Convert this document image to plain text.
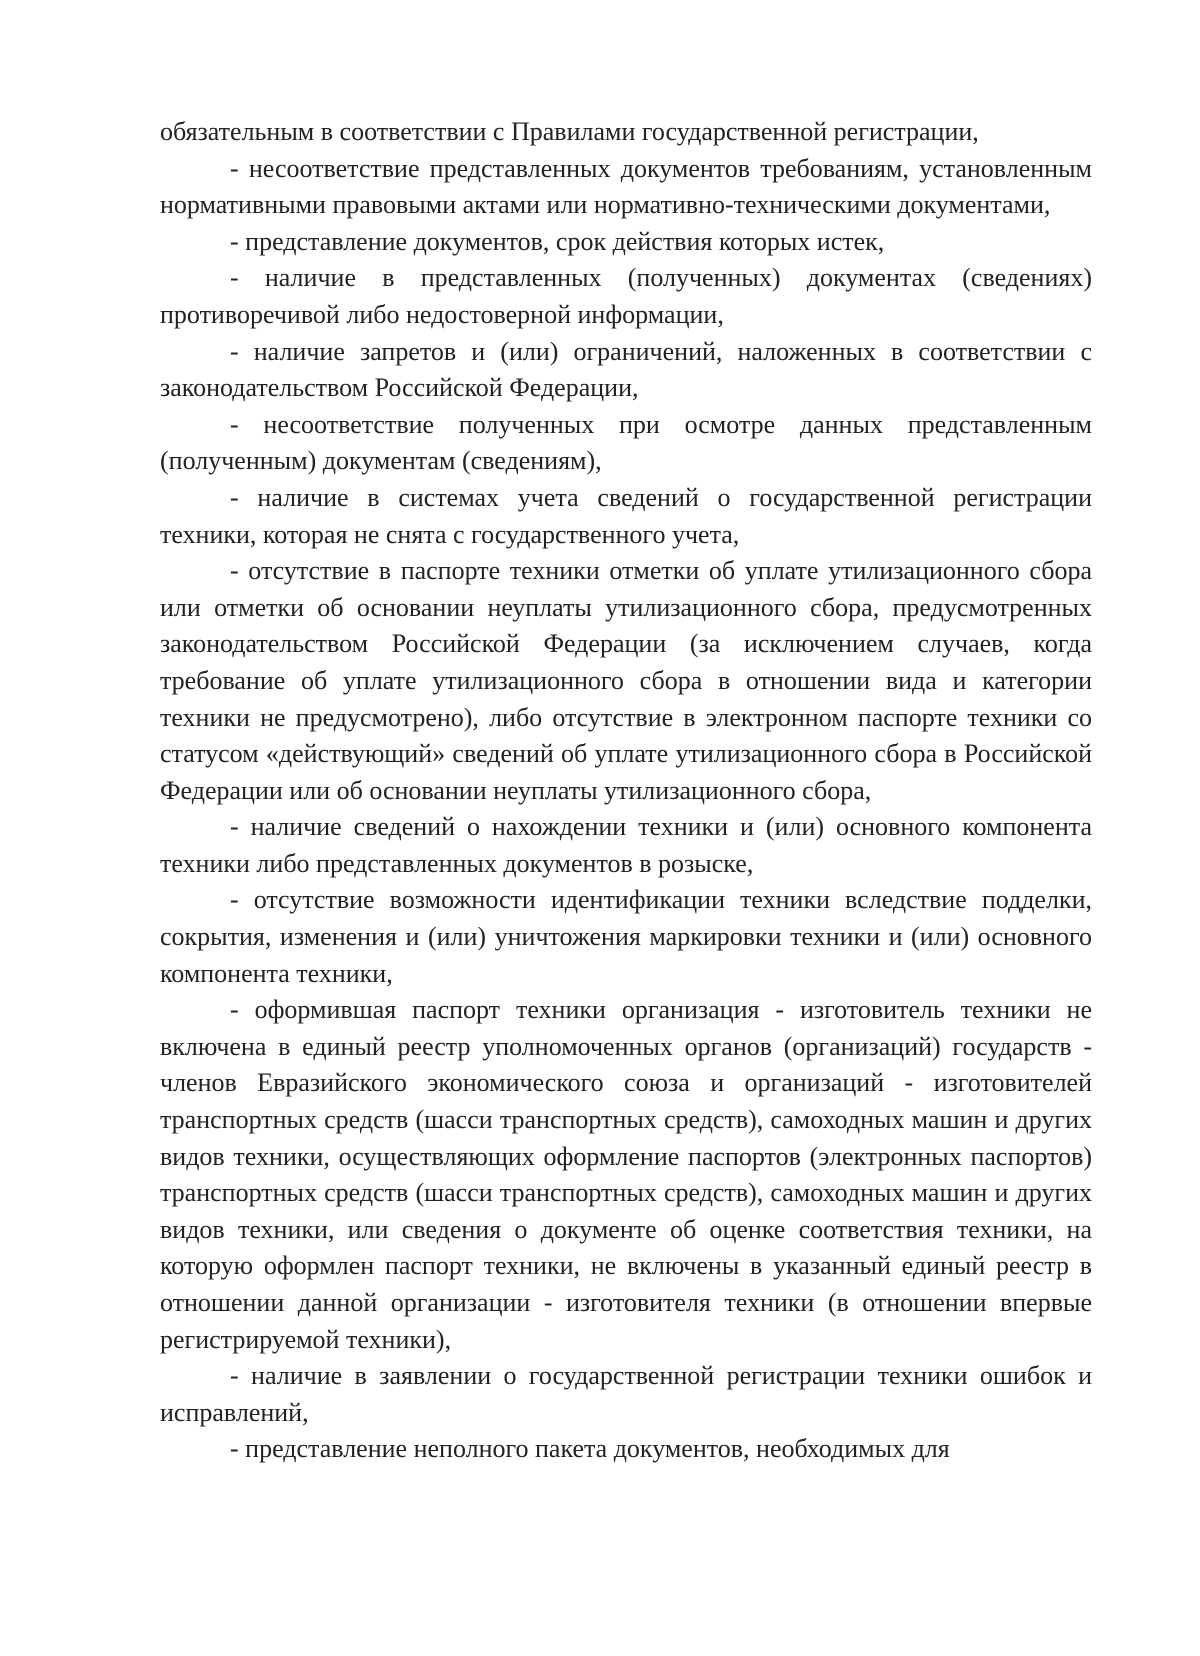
обязательным в соответствии с Правилами государственной регистрации,

- несоответствие представленных документов требованиям, установленным нормативными правовыми актами или нормативно-техническими документами,

- представление документов, срок действия которых истек,

- наличие в представленных (полученных) документах (сведениях) противоречивой либо недостоверной информации,

- наличие запретов и (или) ограничений, наложенных в соответствии с законодательством Российской Федерации,

- несоответствие полученных при осмотре данных представленным (полученным) документам (сведениям),

- наличие в системах учета сведений о государственной регистрации техники, которая не снята с государственного учета,

- отсутствие в паспорте техники отметки об уплате утилизационного сбора или отметки об основании неуплаты утилизационного сбора, предусмотренных законодательством Российской Федерации (за исключением случаев, когда требование об уплате утилизационного сбора в отношении вида и категории техники не предусмотрено), либо отсутствие в электронном паспорте техники со статусом «действующий» сведений об уплате утилизационного сбора в Российской Федерации или об основании неуплаты утилизационного сбора,

- наличие сведений о нахождении техники и (или) основного компонента техники либо представленных документов в розыске,

- отсутствие возможности идентификации техники вследствие подделки, сокрытия, изменения и (или) уничтожения маркировки техники и (или) основного компонента техники,

- оформившая паспорт техники организация - изготовитель техники не включена в единый реестр уполномоченных органов (организаций) государств - членов Евразийского экономического союза и организаций - изготовителей транспортных средств (шасси транспортных средств), самоходных машин и других видов техники, осуществляющих оформление паспортов (электронных паспортов) транспортных средств (шасси транспортных средств), самоходных машин и других видов техники, или сведения о документе об оценке соответствия техники, на которую оформлен паспорт техники, не включены в указанный единый реестр в отношении данной организации - изготовителя техники (в отношении впервые регистрируемой техники),

- наличие в заявлении о государственной регистрации техники ошибок и исправлений,

- представление неполного пакета документов, необходимых для
